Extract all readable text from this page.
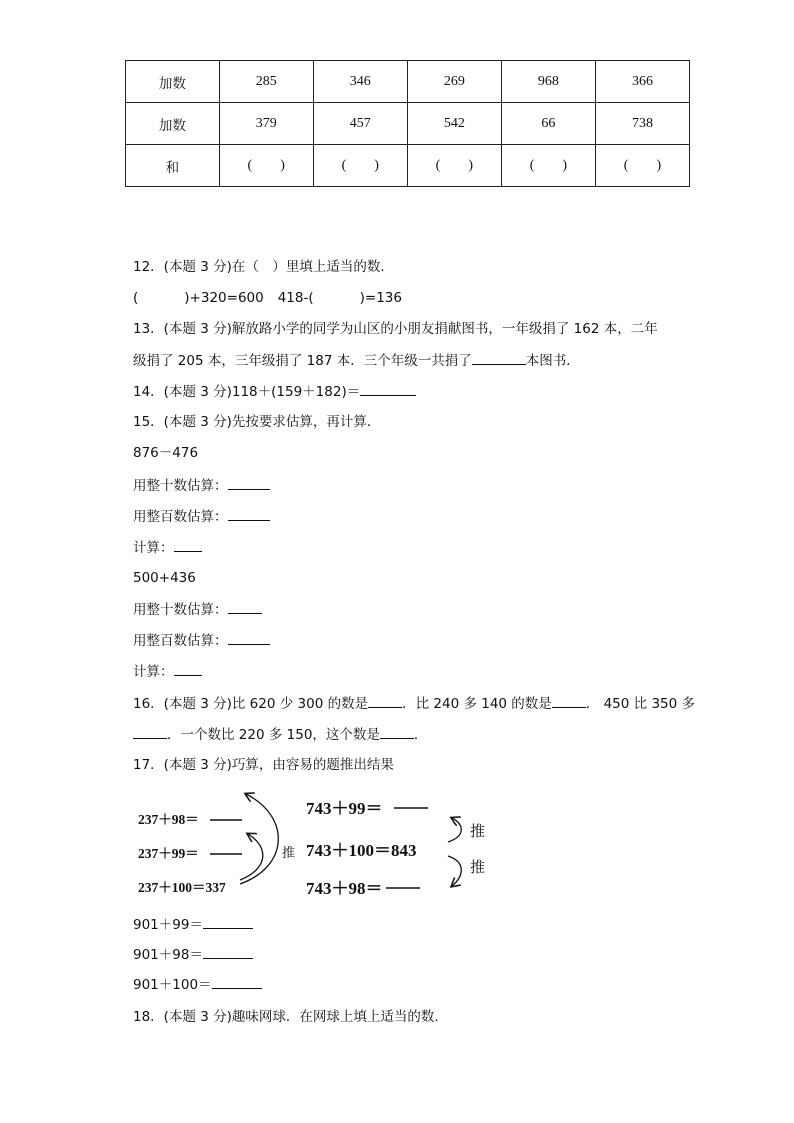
加数	285	346	269	968	366
加数	379	457	542	66	738
和	(        )	(        )	(        )	(        )	(        )
12．(本题 3 分)在（　）里填上适当的数．
(	)+320=600 418-(	)=136
13．(本题 3 分)解放路小学的同学为山区的小朋友捐献图书，一年级捐了 162 本，二年
级捐了 205 本，三年级捐了 187 本．三个年级一共捐了	本图书．
14．(本题 3 分)118＋(159＋182)＝
15．(本题 3 分)先按要求估算，再计算．
876－476
用整十数估算：
用整百数估算：
计算：
500+436
用整十数估算：
用整百数估算：
计算：
16．(本题 3 分)比 620 少 300 的数是	．比 240 多 140 的数是	． 450 比 350 多
．一个数比 220 多 150，这个数是	．
17．(本题 3 分)巧算，由容易的题推出结果
237＋98＝
237＋99＝
237＋100＝337
推
743＋99＝
743＋100＝843
743＋98＝
推
推
901＋99＝
901＋98＝
901＋100＝
18．(本题 3 分)趣味网球．在网球上填上适当的数．
